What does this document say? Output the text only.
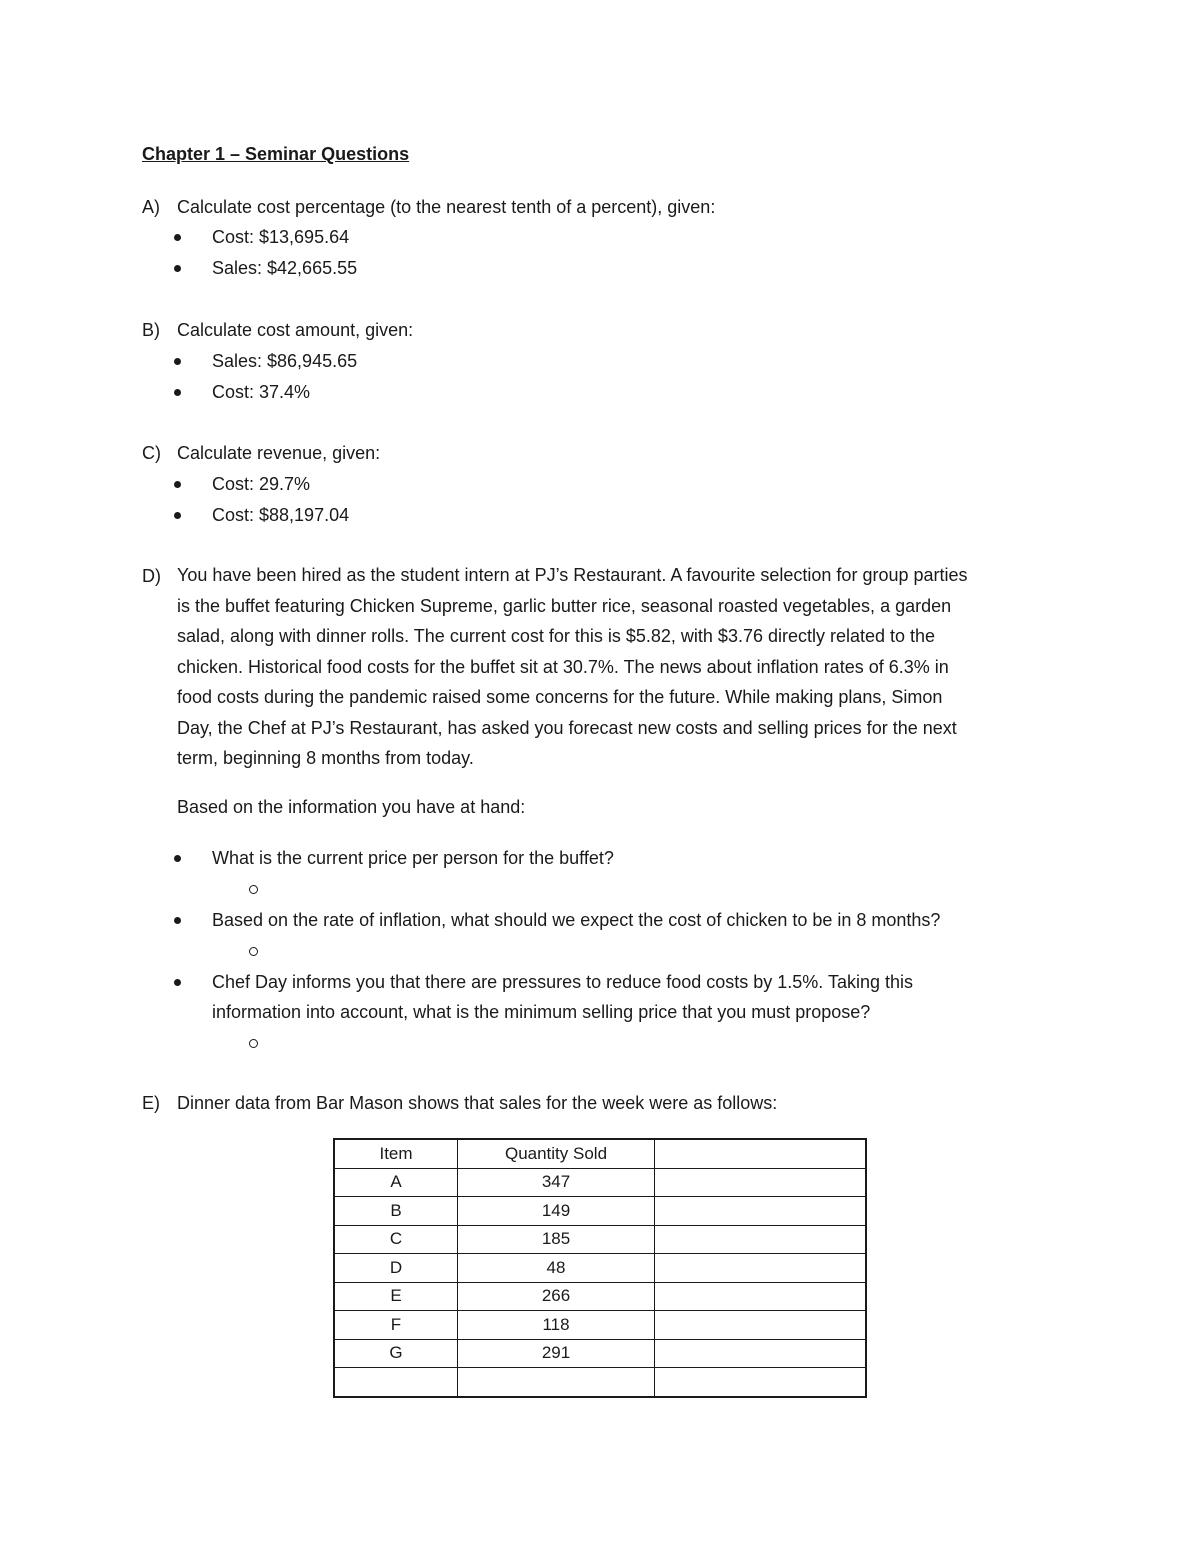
Chapter 1 – Seminar Questions
A) Calculate cost percentage (to the nearest tenth of a percent), given:
Cost: $13,695.64
Sales: $42,665.55
B) Calculate cost amount, given:
Sales: $86,945.65
Cost: 37.4%
C) Calculate revenue, given:
Cost: 29.7%
Cost: $88,197.04
D) You have been hired as the student intern at PJ’s Restaurant. A favourite selection for group parties
is the buffet featuring Chicken Supreme, garlic butter rice, seasonal roasted vegetables, a garden
salad, along with dinner rolls. The current cost for this is $5.82, with $3.76 directly related to the
chicken. Historical food costs for the buffet sit at 30.7%. The news about inflation rates of 6.3% in
food costs during the pandemic raised some concerns for the future. While making plans, Simon
Day, the Chef at PJ’s Restaurant, has asked you forecast new costs and selling prices for the next
term, beginning 8 months from today.
Based on the information you have at hand:
What is the current price per person for the buffet?
Based on the rate of inflation, what should we expect the cost of chicken to be in 8 months?
Chef Day informs you that there are pressures to reduce food costs by 1.5%. Taking this
information into account, what is the minimum selling price that you must propose?
E) Dinner data from Bar Mason shows that sales for the week were as follows:
Item	Quantity Sold	
A	347	
B	149	
C	185	
D	48	
E	266	
F	118	
G	291	
